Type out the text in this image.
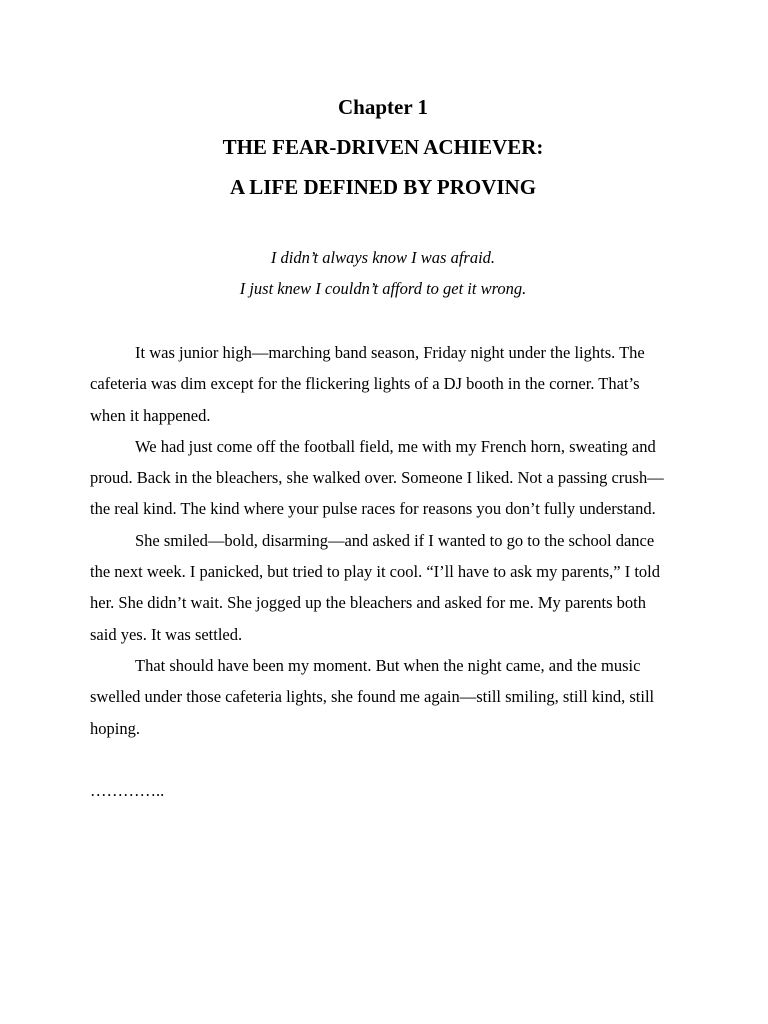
Chapter 1
THE FEAR-DRIVEN ACHIEVER:
A LIFE DEFINED BY PROVING
I didn’t always know I was afraid.
I just knew I couldn’t afford to get it wrong.

It was junior high—marching band season, Friday night under the lights. The cafeteria was dim except for the flickering lights of a DJ booth in the corner. That’s when it happened.

We had just come off the football field, me with my French horn, sweating and proud. Back in the bleachers, she walked over. Someone I liked. Not a passing crush—the real kind. The kind where your pulse races for reasons you don’t fully understand.

She smiled—bold, disarming—and asked if I wanted to go to the school dance the next week. I panicked, but tried to play it cool. “I’ll have to ask my parents,” I told her. She didn’t wait. She jogged up the bleachers and asked for me. My parents both said yes. It was settled.

That should have been my moment. But when the night came, and the music swelled under those cafeteria lights, she found me again—still smiling, still kind, still hoping.

…………..
